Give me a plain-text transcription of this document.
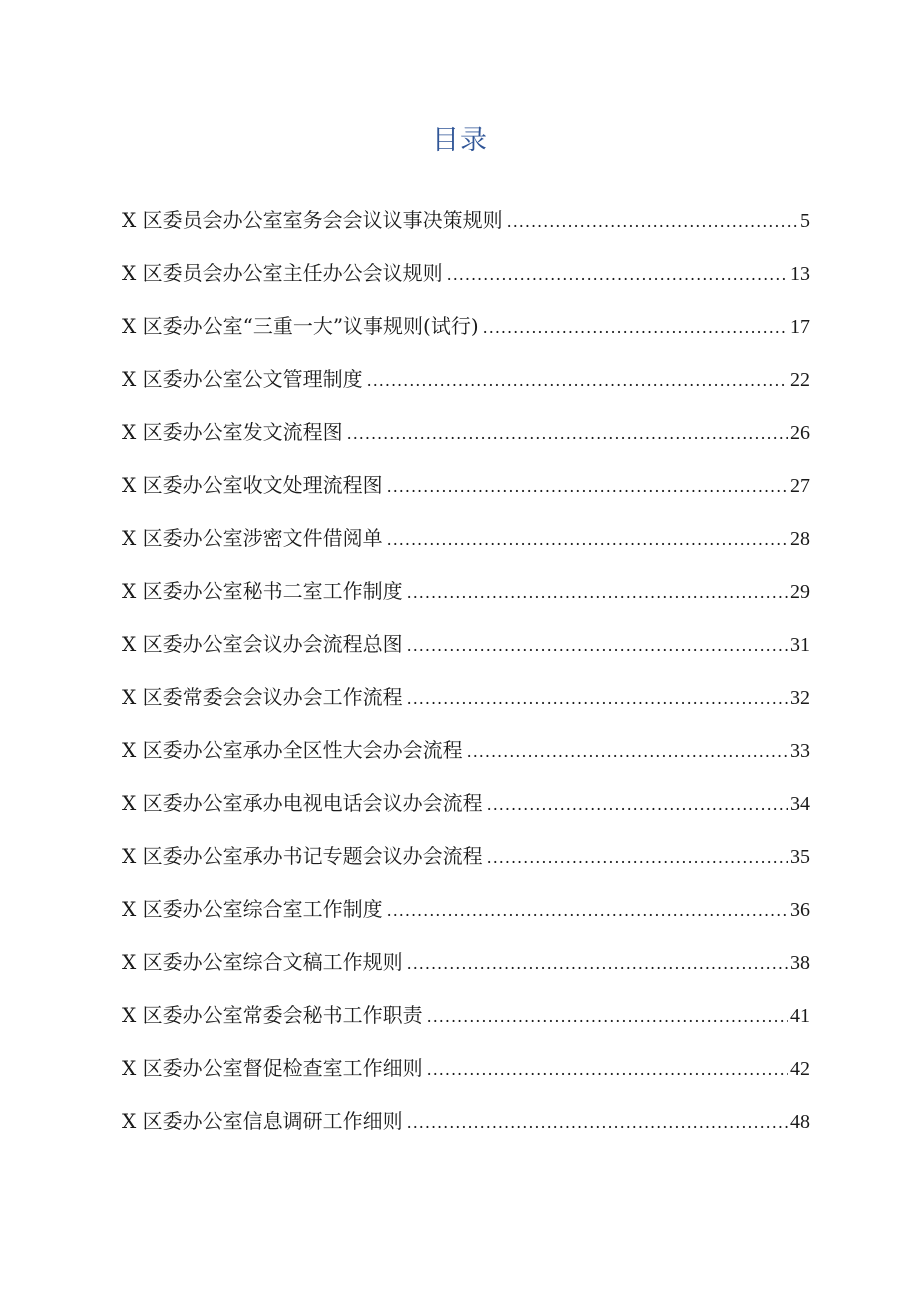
目录
X 区委员会办公室室务会会议议事决策规则 .....	5
X 区委员会办公室主任办公会议规则 .....	13
X 区委办公室“三重一大”议事规则(试行) .....	17
X 区委办公室公文管理制度 .....	22
X 区委办公室发文流程图 .....	26
X 区委办公室收文处理流程图 .....	27
X 区委办公室涉密文件借阅单 .....	28
X 区委办公室秘书二室工作制度 .....	29
X 区委办公室会议办会流程总图 .....	31
X 区委常委会会议办会工作流程 .....	32
X 区委办公室承办全区性大会办会流程 .....	33
X 区委办公室承办电视电话会议办会流程 .....	34
X 区委办公室承办书记专题会议办会流程 .....	35
X 区委办公室综合室工作制度 .....	36
X 区委办公室综合文稿工作规则 .....	38
X 区委办公室常委会秘书工作职责 .....	41
X 区委办公室督促检查室工作细则 .....	42
X 区委办公室信息调研工作细则 .....	48
